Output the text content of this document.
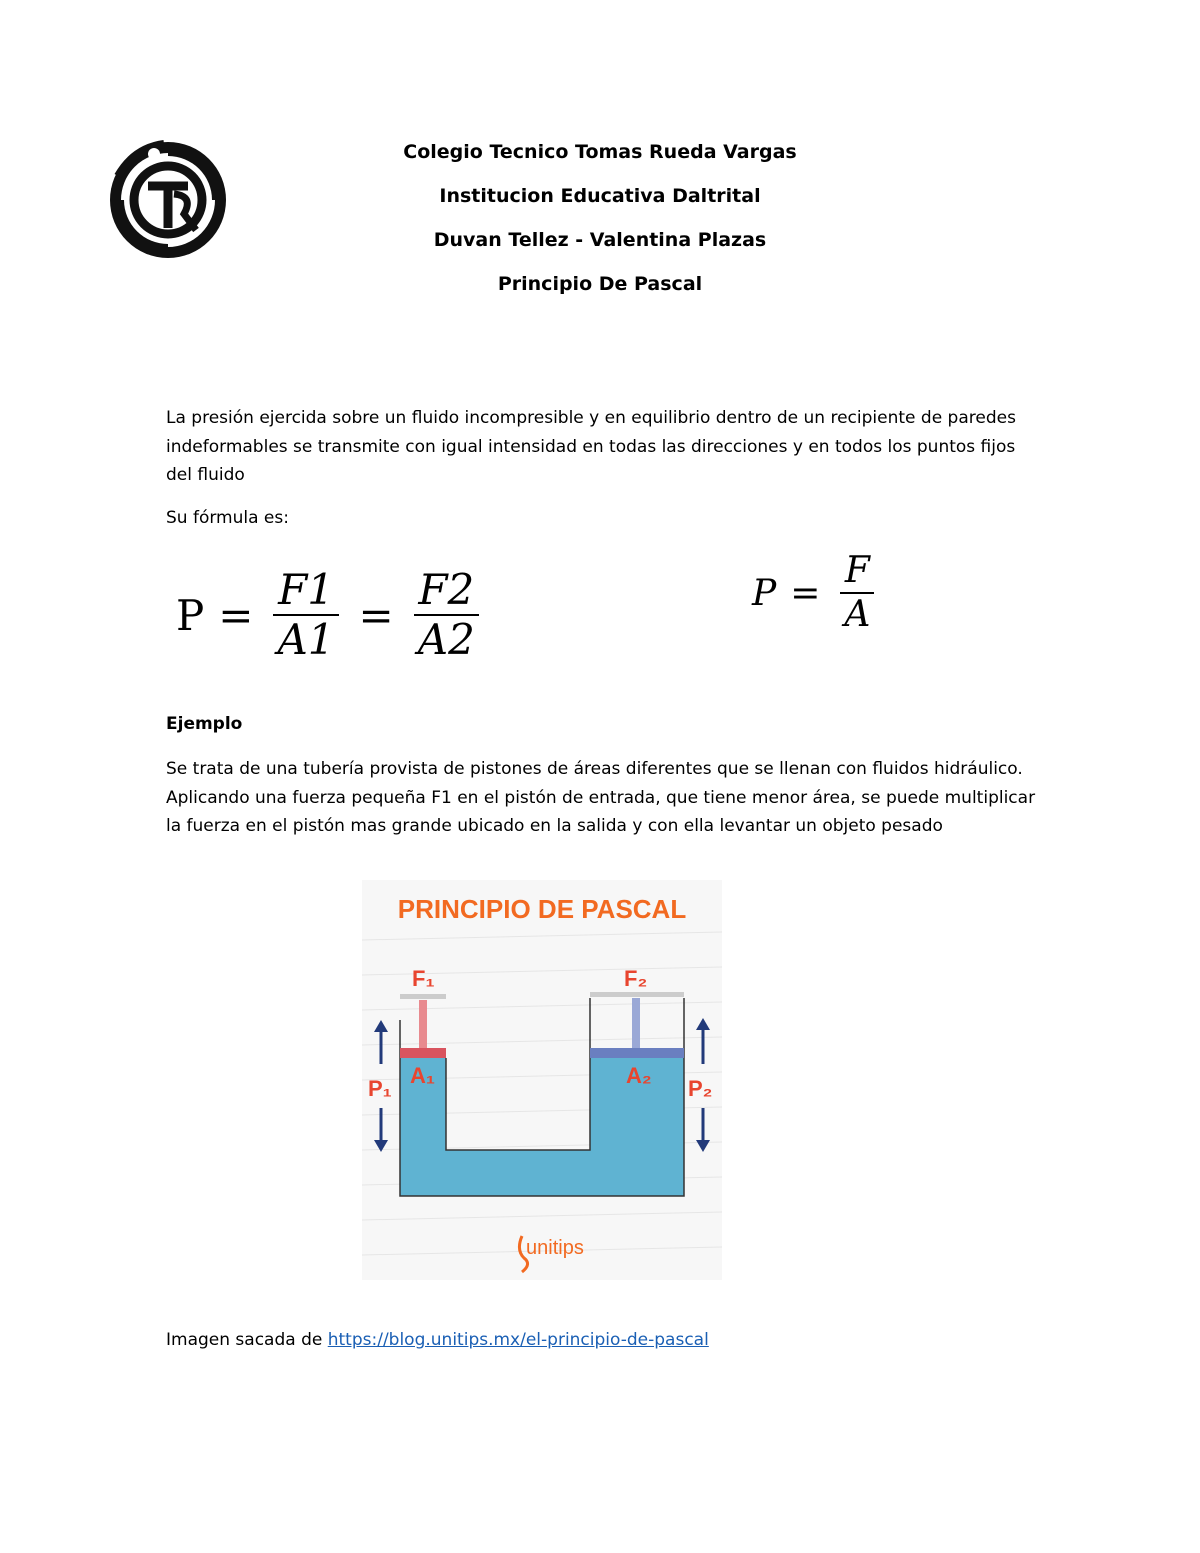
Colegio Tecnico Tomas Rueda Vargas
Institucion Educativa Daltrital
Duvan Tellez - Valentina Plazas
Principio De Pascal
La presión ejercida sobre un fluido incompresible y en equilibrio dentro de un recipiente de paredes indeformables se transmite con igual intensidad en todas las direcciones y en todos los puntos fijos del fluido
Su fórmula es:
$P = \frac{F1}{A1} = \frac{F2}{A2}$	$P = \frac{F}{A}$
Ejemplo
Se trata de una tubería provista de pistones de áreas diferentes que se llenan con fluidos hidráulico. Aplicando una fuerza pequeña F1 en el pistón de entrada, que tiene menor área, se puede multiplicar la fuerza en el pistón mas grande ubicado en la salida y con ella levantar un objeto pesado
PRINCIPIO DE PASCAL
F₁	F₂
A₁	A₂
P₁	P₂
unitips
Imagen sacada de https://blog.unitips.mx/el-principio-de-pascal
